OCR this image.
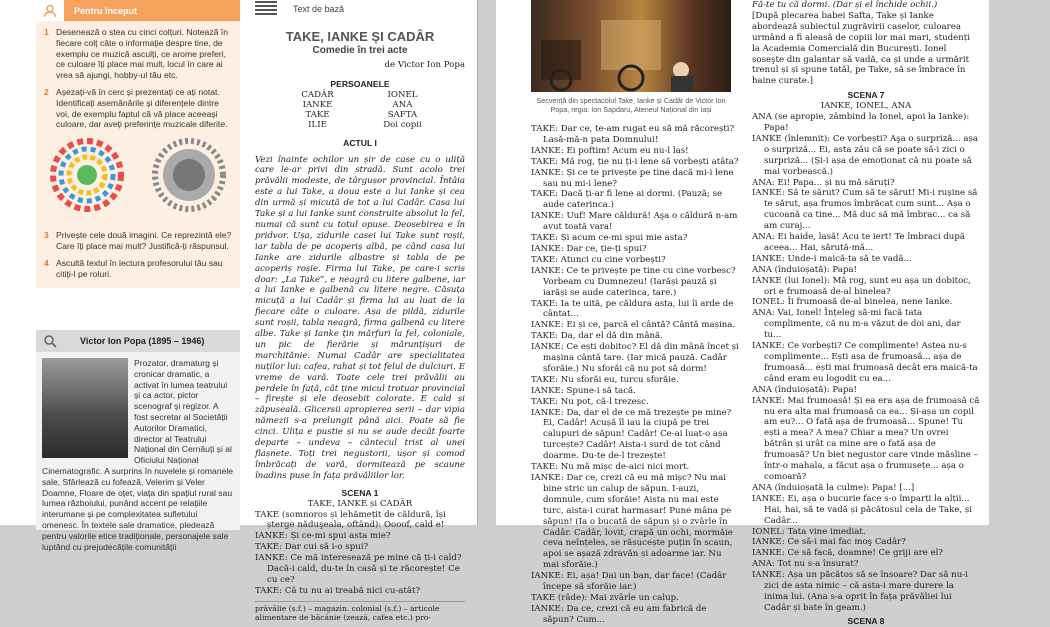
Pentru început
1 Desenează o stea cu cinci colțuri. Notează în fiecare colț câte o informație despre tine, de exemplu ce muzică asculți, ce arome preferi, ce culoare îți place mai mult, locul în care ai vrea să ajungi, hobby-ul tău etc.
2 Așezați-vă în cerc și prezentați ce ați notat. Identificați asemănările și diferențele dintre voi, de exemplu faptul că vă place aceeași culoare, dar aveți preferințe muzicale diferite.
3 Privește cele două imagini. Ce reprezintă ele? Care îți place mai mult? Justifică-ți răspunsul.
4 Ascultă textul în lectura profesorului tău sau citiți-l pe roluri.
Victor Ion Popa (1895 – 1946)

Prozator, dramaturg și cronicar dramatic, a activat în lumea teatrului și ca actor, pictor scenograf și regizor. A fost secretar al Societății Autorilor Dramatici, director al Teatrului Național din Cernăuți și al Oficiului Național Cinematografic. A surprins în nuvelele și romanele sale, Sfârlează cu fofează, Velerim și Veler Doamne, Floare de oțet, viața din spațiul rural sau lumea războiului, punând accent pe relațiile interumane și pe complexitatea sufletului omenesc. În textele sale dramatice, pledează pentru valorile etice tradiționale, personajele sale luptând cu prejudecățile comunității

Text de bază
TAKE, IANKE ȘI CADÂR
Comedie în trei acte
de Victor Ion Popa
PERSOANELE
CADÂR	IONEL
IANKE	ANA
TAKE	SAFTA
ILIE	Doi copii
ACTUL I

Vezi înainte ochilor un șir de case cu o uliță care le-ar privi din stradă. Sunt acolo trei prăvălii modeste, de târgușor provincial. Întâia este a lui Take, a doua este a lui Ianke și cea din urmă și micuță de tot a lui Cadâr. Casa lui Take și a lui Ianke sunt construite absolut la fel, numai că sunt cu totul opuse. Deosebirea e în pridvor. Ușa, zidurile casei lui Take sunt roșii, iar tabla de pe acoperiș albă, pe când casa lui Ianke are zidurile albastre și tabla de pe acoperiș roșie. Firma lui Take, pe care-i scris doar: „La Take”, e neagră cu litere galbene, iar a lui Ianke e galbenă cu litere negre. Căsuța micuță a lui Cadâr și firma lui au luat de la fiecare câte o culoare. Așa de pildă, zidurile sunt roșii, tabla neagră, firma galbenă cu litere albe. Take și Ianke țin mărfuri la fel, coloniale, un pic de fierărie și mărunțișuri de marchitănie. Numai Cadâr are specialitatea nuților lui: cafea, rahat și tot felul de dulciuri. E vreme de vară. Toate cele trei prăvălii au perdele în față, cât ține micul trotuar provincial – firește și ele deosebit colorate. E cald și zăpuseală. Glicersii apropierea serii – dar vipia nămezii s-a prelungit până aici. Poate să fie cinci. Ulița e pustie și nu se aude decât foarte departe – undeva – cântecul trist al unei flașnete. Toți trei negustorii, ușor și comod îmbrăcați de vară, dormitează pe scaune înadins puse în fața prăvăliilor lor.

SCENA 1
TAKE, IANKE și CADÂR

TAKE (somnoros și lehămețit de căldură, își șterge năduşeala, oftând): Oooof, cald e!

IANKE: Și ce-mi spui asta mie?

TAKE: Dar cui să i-o spui?

IANKE: Ce mă interesează pe mine că ți-i cald? Dacă-i cald, du-te în casă și te răcorește! Ce cu ce?

TAKE: Că tu nu ai treabă nici cu-atât?

prăvălie (s.f.) – magazin. colonial (s.f.) – articole alimentare de băcănie (zează, cafea etc.) pro-

Secvență din spectacolul Take, Ianke și Cadâr de Victor Ion Popa, regia: Ion Sapdaru, Ateneul Național din Iași

TAKE: Dar ce, te-am rugat eu să mă răcorești? Lasă-mă-n pata Domnului!

IANKE: Ei poftim! Acum eu nu-l las!

TAKE: Mă rog, ție nu ți-i lene să vorbești atâta?

IANKE: Și ce te privește pe tine dacă mi-i lene sau nu mi-i lene?

TAKE: Dacă ți-ar fi lene ai dormi. (Pauză; se aude caterinca.)

IANKE: Uuf! Mare căldură! Aşa o căldură n-am avut toată vara!

TAKE: Și acum ce-mi spui mie asta?

IANKE: Dar ce, ție-ți spui?

TAKE: Atunci cu cine vorbești?

IANKE: Ce te privește pe tine cu cine vorbesc? Vorbeam cu Dumnezeu! (Iarăși pauză și iarăși se aude caterinca, tare.)

TAKE: Ia te uită, pe căldura asta, lui îi arde de cântat...

IANKE: Ei și ce, parcă el cântă? Cântă mașina.

TAKE: Da, dar el dă din mână.

IANKE: Ce ești dobitoc? El dă din mână încet și mașina cântă tare. (Iar mică pauză. Cadâr sforăie.) Nu sforăi că nu pot să dorm!

TAKE: Nu sforăi eu, turcu sforăie.

IANKE: Spune-i să tacă.

TAKE: Nu pot, că-l trezesc.

IANKE: Da, dar el de ce mă trezește pe mine? Ei, Cadâr! Acușă îl iau la ciupă pe trei calupuri de săpun! Cadâr! Ce-ai luat-o așa turcește? Cadâr! Aista-i surd de tot când doarme. Du-te de-l trezește!

TAKE: Nu mă mișc de-aici nici mort.

IANKE: Dar ce, crezi că eu mă mișc? Nu mai bine stric un calup de săpun. I-auzi, domnule, cum sforăie! Aista nu mai este turc, aista-i curat harmasar! Pune mâna pe săpun! (Ia o bucată de săpun și o zvârle în Cadâr. Cadâr, lovit, crapă un ochi, mormăie ceva neînțeles, se răsucește puțin în scaun, apoi se așază zdravăn și adoarme iar. Nu mai sforăie.)

IANKE: Ei, așa! Dai un ban, dar face! (Cadâr începe să sforăie iar.)

TAKE (râde): Mai zvârle un calup.

IANKE: Da ce, crezi că eu am fabrică de săpun? Cum...

Fă-te tu că dormi. (Dar și el închide ochii.)

[După plecarea babei Safta, Take și Ianke abordează subiectul zugrăvirii caselor, culoarea urmând a fi aleasă de copiii lor mai mari, studenți la Academia Comercială din București. Ionel soseşte din galantar să vadă, ca și unde a urmărit trenul și și spune tatăl, pe Take, să se îmbrace în haine curate.]

SCENA 7
IANKE, IONEL, ANA

ANA (se apropie, zâmbind la Ionel, apoi la Ianke): Papa!

IANKE (înlemnit): Ce vorbești? Aşa o surpriză... așa o surpriză... Ei, asta zău că se poate să-i zici o surpriză... (Și-i așa de emoționat că nu poate să mai vorbească.)

ANA: Ei! Papa... și nu mă săruți?

IANKE: Să te sărut? Cum să te sărut! Mi-i rușine să te sărut, așa frumos îmbrăcat cum sunt... Așa o cucoană ca tine... Mă duc să mă îmbrac... ca să am curaj...

ANA: Ei haide, lasă! Acu te iert! Te îmbraci după aceea... Hai, sărută-mă...

IANKE: Unde-i maică-ta să te vadă...

ANA (înduioșată): Papa!

IANKE (lui Ionel): Mă rog, sunt eu așa un dobitoc, ori e frumoasă de-al binelea?

IONEL: Îi frumoasă de-al binelea, nene Ianke.

ANA: Vai, Ionel! Înțeleg să-mi facă tata complimente, că nu m-a văzut de doi ani, dar tu...

IANKE: Ce vorbești? Ce complimente! Astea nu-s complimente... Ești așa de frumoasă... așa de frumoasă... ești mai frumoasă decât era maică-ta când eram eu logodit cu ea...

ANA (înduioșată): Papa!

IANKE: Mai frumoasă! Și ea era așa de frumoasă că nu era alta mai frumoasă ca ea... Și-așa un copil am eu?... O fată așa de frumoasă... Spune! Tu ești a mea? A mea? Chiar a mea? Un ovrei bătrân și urât ca mine are o fată așa de frumoasă? Un biet negustor care vinde măsline – într-o mahala, a făcut așa o frumusețe... așa o comoară?

ANA (înduioșată la culme): Papa! [...]

IANKE: Ei, așa o bucurie face s-o împarți la alții... Hai, hai, să te vadă și păcătosul cela de Take, și Cadâr...

IONEL: Tata vine imediat.

IANKE: Ce să-i mai fac moş Cadâr?

IANKE: Ce să facă, doamne! Ce griji are el?

ANA: Tot nu s-a însurat?

IANKE: Așa un păcătos să se însoare? Dar să nu-i zici de asta nimic – că asta-i mare durere la inima lui. (Ana s-a oprit în fața prăvăliei lui Cadâr și bate în geam.)

SCENA 8
